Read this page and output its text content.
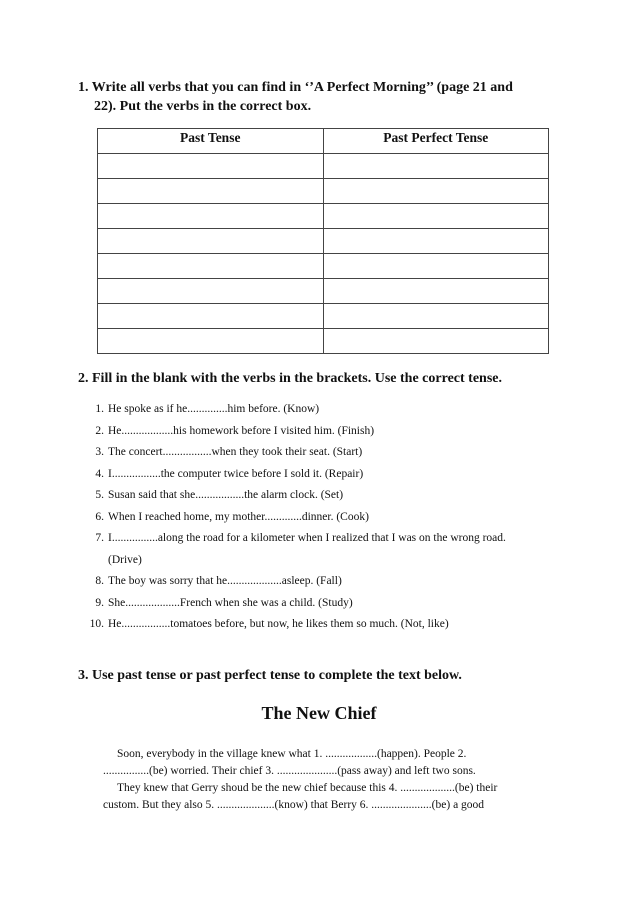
1. Write all verbs that you can find in ‘’A Perfect Morning’’ (page 21 and
22). Put the verbs in the correct box.
Past Tense	Past Perfect Tense

2. Fill in the blank with the verbs in the brackets. Use the correct tense.
1. He spoke as if he..............him before. (Know)
2. He..................his homework before I visited him. (Finish)
3. The concert.................when they took their seat. (Start)
4. I.................the computer twice before I sold it. (Repair)
5. Susan said that she.................the alarm clock. (Set)
6. When I reached home, my mother.............dinner. (Cook)
7. I................along the road for a kilometer when I realized that I was on the wrong road.
(Drive)
8. The boy was sorry that he...................asleep. (Fall)
9. She...................French when she was a child. (Study)
10. He.................tomatoes before, but now, he likes them so much. (Not, like)
3. Use past tense or past perfect tense to complete the text below.
The New Chief
Soon, everybody in the village knew what 1. ..................(happen). People 2.
................(be) worried. Their chief 3. .....................(pass away) and left two sons.
They knew that Gerry shoud be the new chief because this 4. ...................(be) their
custom. But they also 5. ....................(know) that Berry 6. .....................(be) a good
